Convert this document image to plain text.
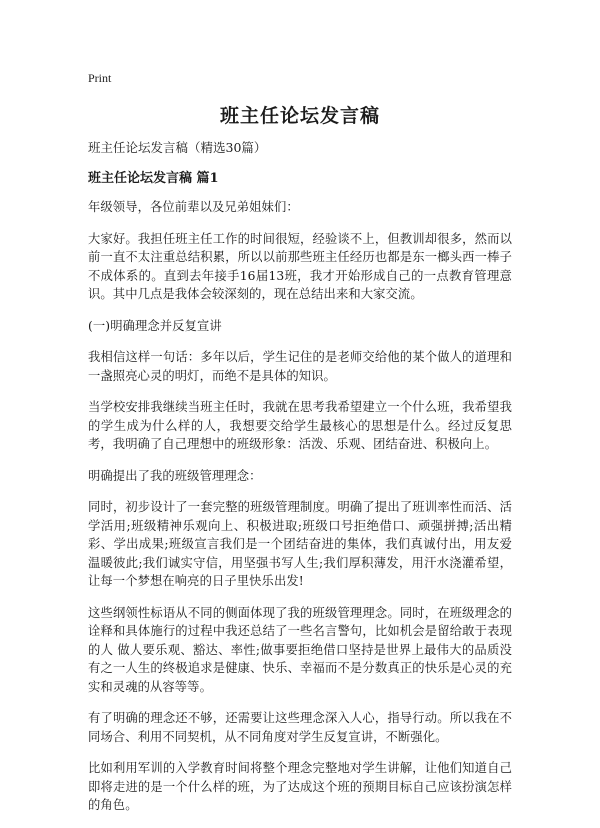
Print
班主任论坛发言稿
班主任论坛发言稿（精选30篇）
班主任论坛发言稿 篇1

年级领导，各位前辈以及兄弟姐妹们：

大家好。我担任班主任工作的时间很短，经验谈不上，但教训却很多，然而以前一直不太注重总结积累，所以以前那些班主任经历也都是东一榔头西一棒子不成体系的。直到去年接手16届13班，我才开始形成自己的一点教育管理意识。其中几点是我体会较深刻的，现在总结出来和大家交流。

(一)明确理念并反复宣讲

我相信这样一句话：多年以后，学生记住的是老师交给他的某个做人的道理和一盏照亮心灵的明灯，而绝不是具体的知识。

当学校安排我继续当班主任时，我就在思考我希望建立一个什么班，我希望我的学生成为什么样的人，我想要交给学生最核心的思想是什么。经过反复思考，我明确了自己理想中的班级形象：活泼、乐观、团结奋进、积极向上。

明确提出了我的班级管理理念：

同时，初步设计了一套完整的班级管理制度。明确了提出了班训率性而活、活学活用;班级精神乐观向上、积极进取;班级口号拒绝借口、顽强拼搏;活出精彩、学出成果;班级宣言我们是一个团结奋进的集体，我们真诚付出，用友爱温暖彼此;我们诚实守信，用坚强书写人生;我们厚积薄发，用汗水浇灌希望，让每一个梦想在响亮的日子里快乐出发!

这些纲领性标语从不同的侧面体现了我的班级管理理念。同时，在班级理念的诠释和具体施行的过程中我还总结了一些名言警句，比如机会是留给敢于表现的人 做人要乐观、豁达、率性;做事要拒绝借口坚持是世界上最伟大的品质没有之一人生的终极追求是健康、快乐、幸福而不是分数真正的快乐是心灵的充实和灵魂的从容等等。

有了明确的理念还不够，还需要让这些理念深入人心，指导行动。所以我在不同场合、利用不同契机，从不同角度对学生反复宣讲，不断强化。

比如利用军训的入学教育时间将整个理念完整地对学生讲解，让他们知道自己即将走进的是一个什么样的班，为了达成这个班的预期目标自己应该扮演怎样的角色。
